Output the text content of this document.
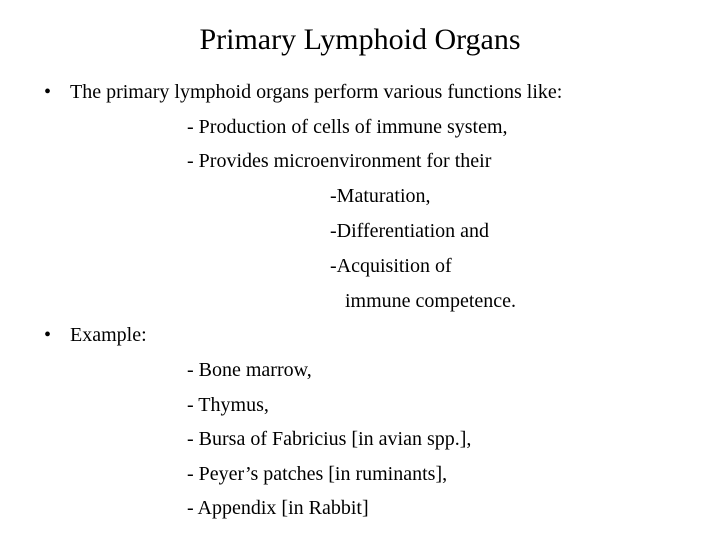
Primary Lymphoid Organs
• The primary lymphoid organs perform various functions like:
- Production of cells of immune system,
- Provides microenvironment for their
-Maturation,
-Differentiation and
-Acquisition of
immune competence.
• Example:
- Bone marrow,
- Thymus,
- Bursa of Fabricius [in avian spp.],
- Peyer’s patches [in ruminants],
- Appendix [in Rabbit]
